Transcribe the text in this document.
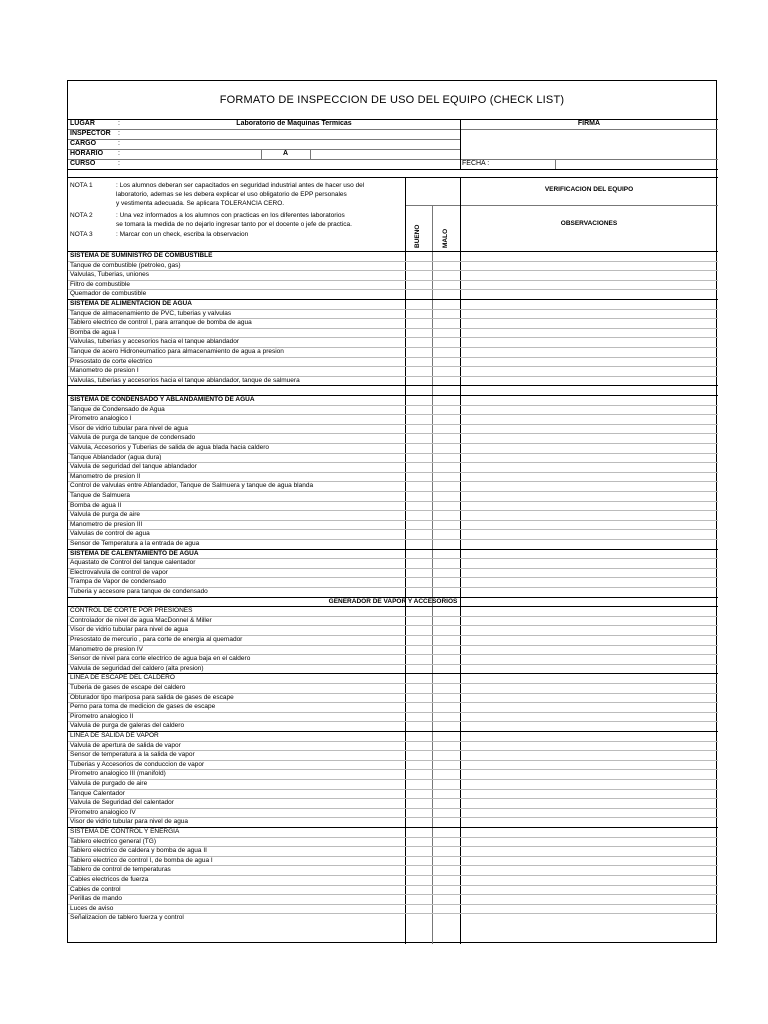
FORMATO DE INSPECCION DE USO DEL EQUIPO (CHECK LIST)
LUGAR	:	Laboratorio de Maquinas Termicas	FIRMA
INSPECTOR :
CARGO	:
HORARIO :	A
CURSO	:	FECHA :
NOTA 1	: Los alumnos deberan ser capacitados en seguridad industrial antes de hacer uso del
laboratorio, ademas se les debera explicar el uso obligatorio de EPP personales
y vestimenta adecuada. Se aplicara TOLERANCIA CERO.
NOTA 2	: Una vez informados a los alumnos con practicas en los diferentes laboratorios
se tomara la medida de no dejarlo ingresar tanto por el docente o jefe de practica.
NOTA 3	: Marcar con un check, escriba la observacion
VERIFICACION DEL EQUIPO
OBSERVACIONES
BUENO	MALO
SISTEMA DE SUMINISTRO DE COMBUSTIBLE
Tanque de combustible (petroleo, gas)
Valvulas, Tuberias, uniones
Filtro de combustible
Quemador de combustible
SISTEMA DE ALIMENTACION DE AGUA
Tanque de almacenamiento de PVC, tuberias y valvulas
Tablero electrico de control I, para arranque de bomba de agua
Bomba de agua I
Valvulas, tuberias y accesorios hacia el tanque ablandador
Tanque de acero Hidroneumatico para almacenamiento de agua a presion
Presostato de corte electrico
Manometro de presion I
Valvulas, tuberias y accesorios hacia el tanque ablandador, tanque de salmuera
SISTEMA DE CONDENSADO Y ABLANDAMIENTO DE AGUA
Tanque de Condensado de Agua
Pirometro analogico I
Visor de vidrio tubular para nivel de agua
Valvula de purga de tanque de condensado
Valvula, Accesorios y Tuberias de salida de agua blada hacia caldero
Tanque Ablandador (agua dura)
Valvula de seguridad del tanque ablandador
Manometro de presion II
Control de valvulas entre Ablandador, Tanque de Salmuera y tanque de agua blanda
Tanque de Salmuera
Bomba de agua II
Valvula de purga de aire
Manometro de presion III
Valvulas de control de agua
Sensor de Temperatura a la entrada de agua
SISTEMA DE CALENTAMIENTO DE AGUA
Aquastato de Control del tanque calentador
Electrovalvula de control de vapor
Trampa de Vapor de condensado
Tuberia y accesore para tanque de condensado
GENERADOR DE VAPOR Y ACCESORIOS
CONTROL DE CORTE POR PRESIONES
Controlador de nivel de agua MacDonnel & Miller
Visor de vidrio tubular para nivel de agua
Presostato de mercurio , para corte de energia al quemador
Manometro de presion IV
Sensor de nivel para corte electrico de agua baja en el caldero
Valvula de seguridad del caldero (alta presion)
LINEA DE ESCAPE DEL CALDERO
Tuberia de gases de escape del caldero
Obturador tipo mariposa para salida de gases de escape
Perno para toma de medicion de gases de escape
Pirometro analogico II
Valvula de purga de galeras del caldero
LINEA DE SALIDA DE VAPOR
Valvula de apertura de salida de vapor
Sensor de temperatura a la salida de vapor
Tuberias y Accesorios de conduccion de vapor
Pirometro analogico III (manifold)
Valvula de purgado de aire
Tanque Calentador
Valvula de Seguridad del calentador
Pirometro analogico IV
Visor de vidrio tubular para nivel de agua
SISTEMA DE CONTROL Y ENERGIA
Tablero electrico general (TG)
Tablero electrico de caldera y bomba de agua II
Tablero electrico de control I, de bomba de agua I
Tablero de control de temperaturas
Cables electricos de fuerza
Cables de control
Perillas de mando
Luces de aviso
Señalizacion de tablero fuerza y control
